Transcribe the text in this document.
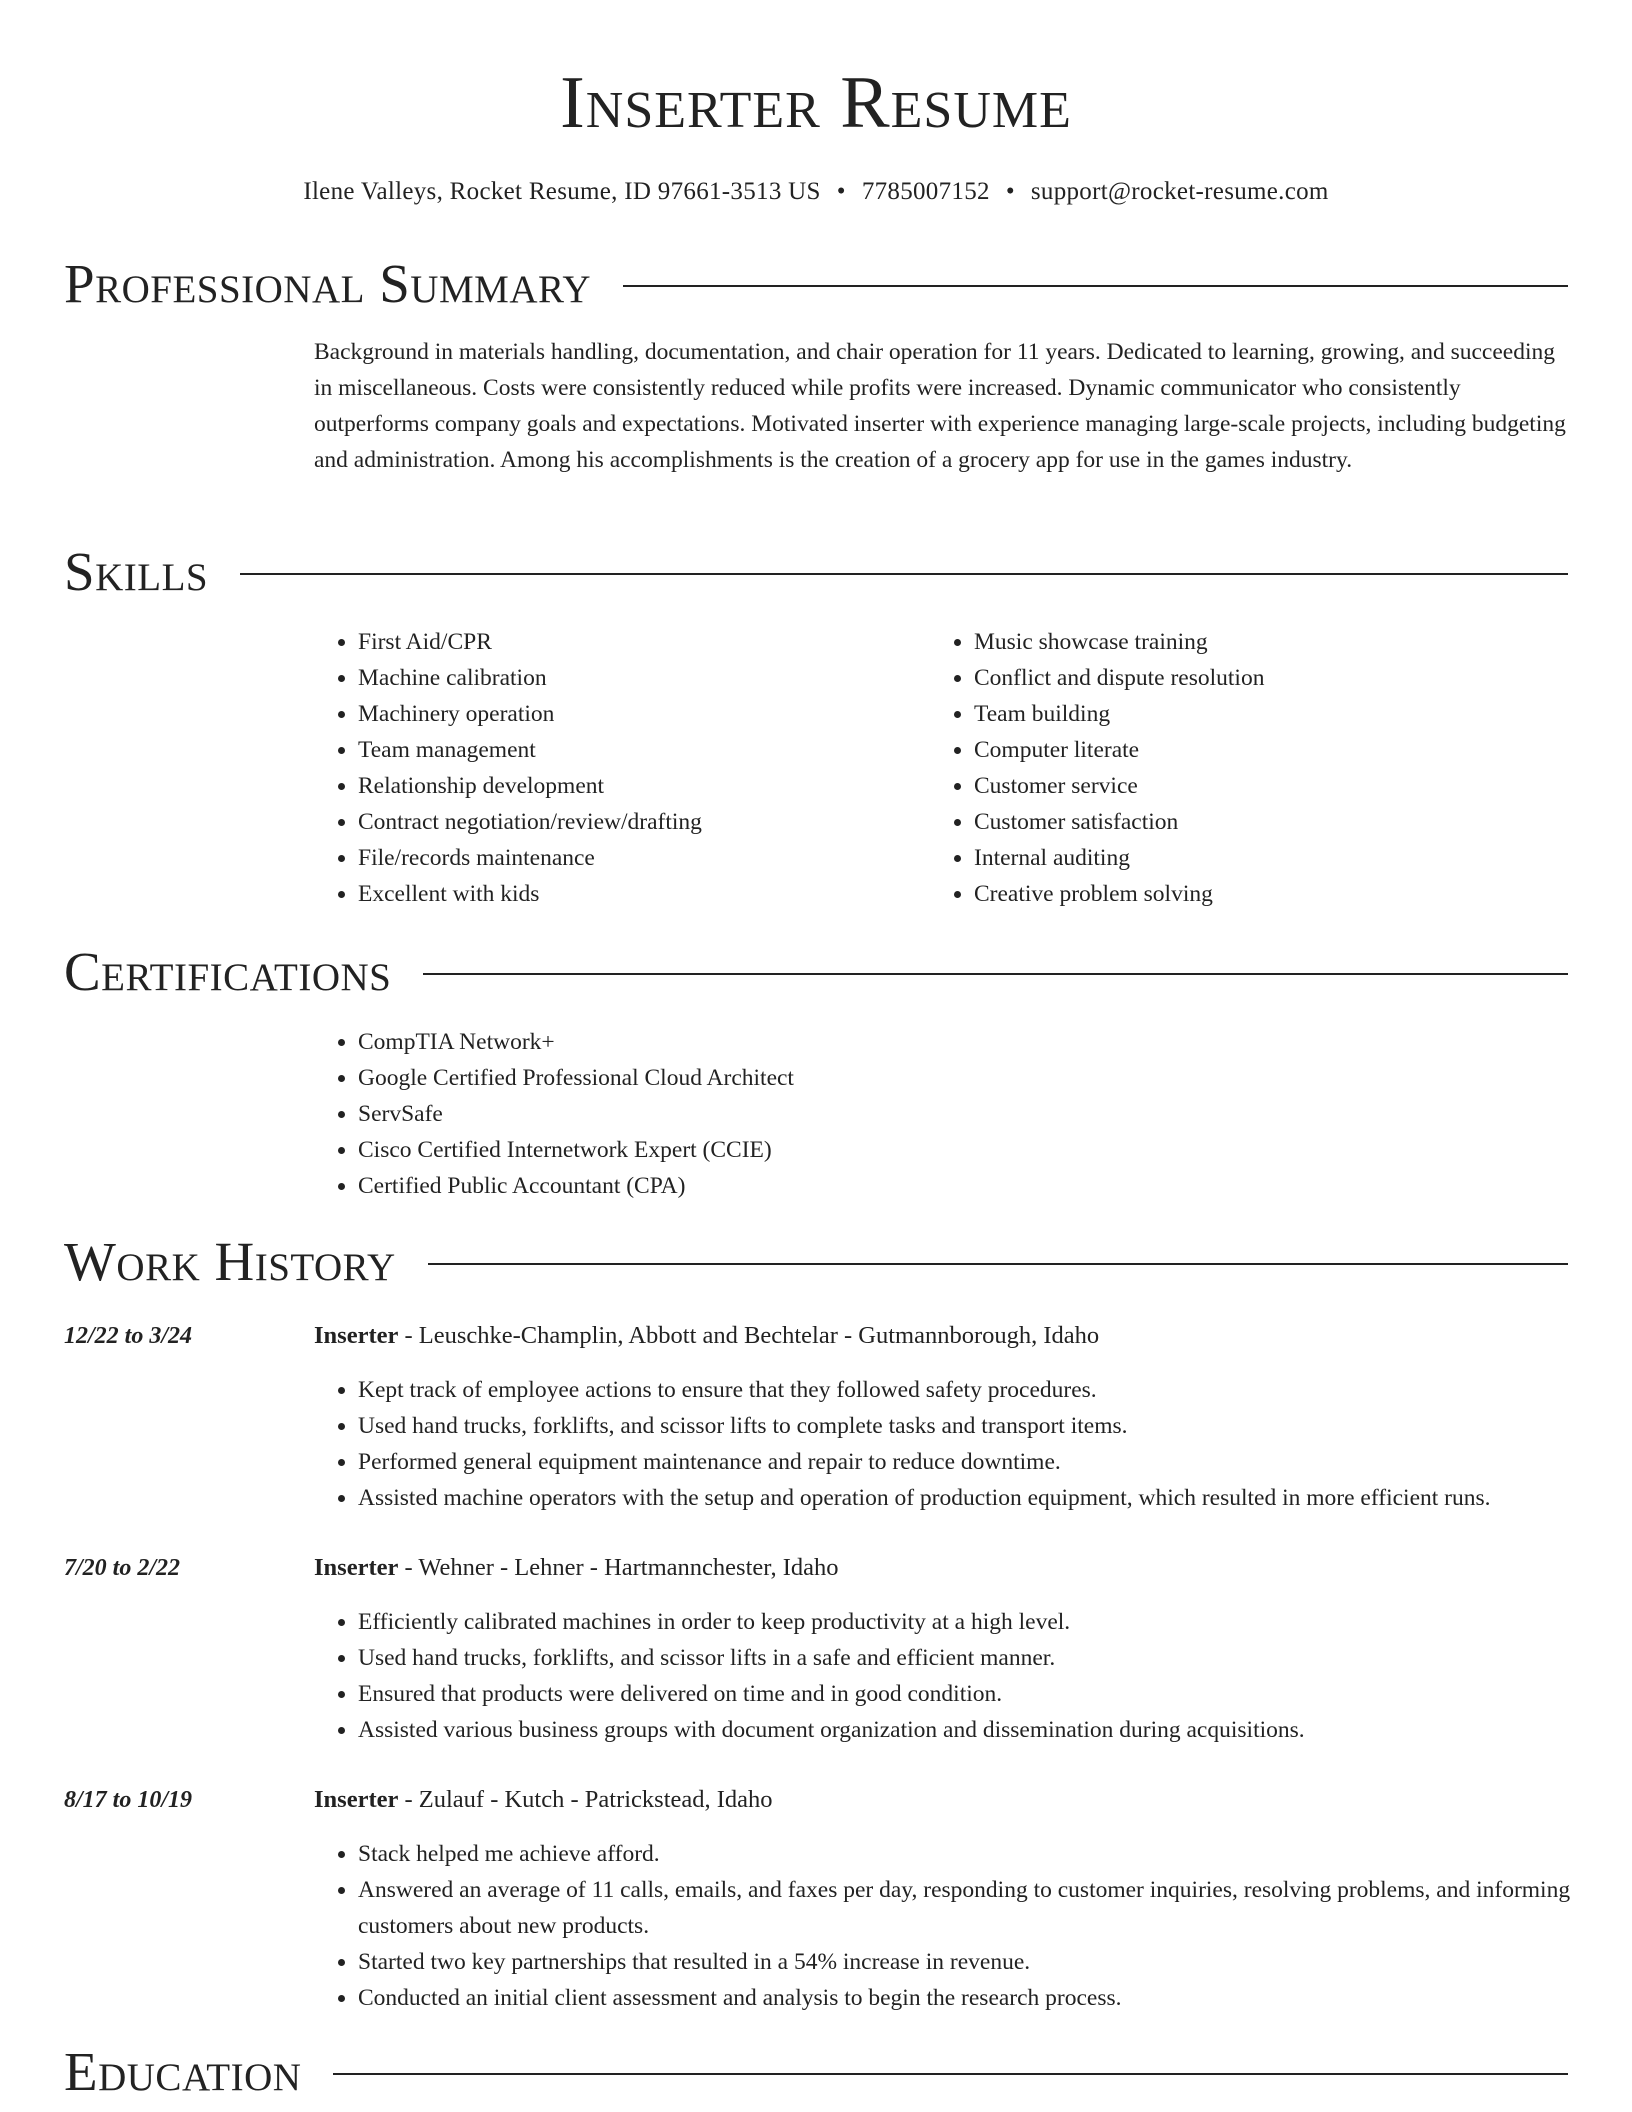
Inserter Resume
Ilene Valleys, Rocket Resume, ID 97661-3513 US • 7785007152 • support@rocket-resume.com
Professional Summary

Background in materials handling, documentation, and chair operation for 11 years. Dedicated to learning, growing, and succeeding in miscellaneous. Costs were consistently reduced while profits were increased. Dynamic communicator who consistently outperforms company goals and expectations. Motivated inserter with experience managing large-scale projects, including budgeting and administration. Among his accomplishments is the creation of a grocery app for use in the games industry.

Skills
• First Aid/CPR
• Machine calibration
• Machinery operation
• Team management
• Relationship development
• Contract negotiation/review/drafting
• File/records maintenance
• Excellent with kids
• Music showcase training
• Conflict and dispute resolution
• Team building
• Computer literate
• Customer service
• Customer satisfaction
• Internal auditing
• Creative problem solving
Certifications
• CompTIA Network+
• Google Certified Professional Cloud Architect
• ServSafe
• Cisco Certified Internetwork Expert (CCIE)
• Certified Public Accountant (CPA)
Work History
12/22 to 3/24	Inserter - Leuschke-Champlin, Abbott and Bechtelar - Gutmannborough, Idaho
• Kept track of employee actions to ensure that they followed safety procedures.
• Used hand trucks, forklifts, and scissor lifts to complete tasks and transport items.
• Performed general equipment maintenance and repair to reduce downtime.
• Assisted machine operators with the setup and operation of production equipment, which resulted in more efficient runs.
7/20 to 2/22	Inserter - Wehner - Lehner - Hartmannchester, Idaho
• Efficiently calibrated machines in order to keep productivity at a high level.
• Used hand trucks, forklifts, and scissor lifts in a safe and efficient manner.
• Ensured that products were delivered on time and in good condition.
• Assisted various business groups with document organization and dissemination during acquisitions.
8/17 to 10/19	Inserter - Zulauf - Kutch - Patrickstead, Idaho
• Stack helped me achieve afford.
• Answered an average of 11 calls, emails, and faxes per day, responding to customer inquiries, resolving problems, and informing customers about new products.
• Started two key partnerships that resulted in a 54% increase in revenue.
• Conducted an initial client assessment and analysis to begin the research process.
Education
